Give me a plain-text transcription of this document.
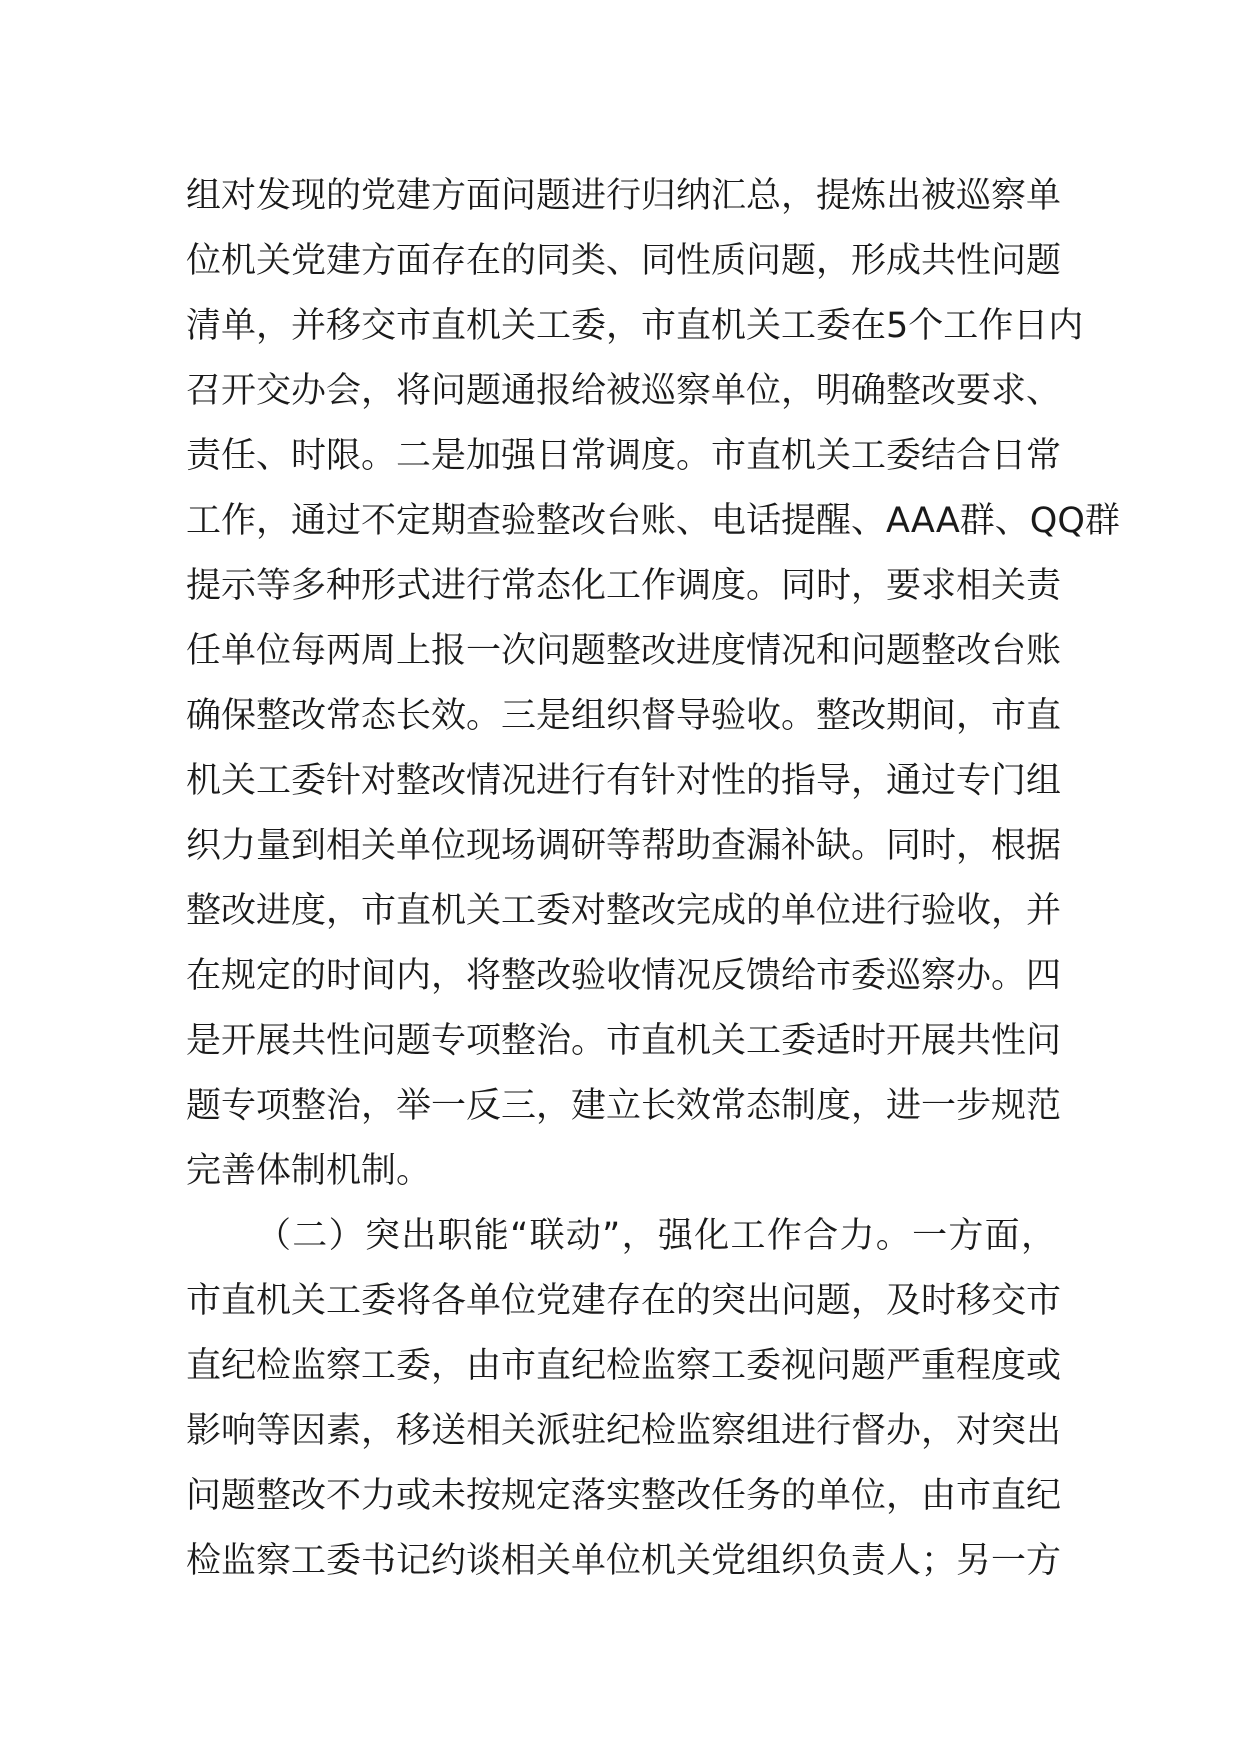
组对发现的党建方面问题进行归纳汇总，提炼出被巡察单
位机关党建方面存在的同类、同性质问题，形成共性问题
清单，并移交市直机关工委，市直机关工委在5个工作日内
召开交办会，将问题通报给被巡察单位，明确整改要求、
责任、时限。二是加强日常调度。市直机关工委结合日常
工作，通过不定期查验整改台账、电话提醒、AAA群、QQ群
提示等多种形式进行常态化工作调度。同时，要求相关责
任单位每两周上报一次问题整改进度情况和问题整改台账
确保整改常态长效。三是组织督导验收。整改期间，市直
机关工委针对整改情况进行有针对性的指导，通过专门组
织力量到相关单位现场调研等帮助查漏补缺。同时，根据
整改进度，市直机关工委对整改完成的单位进行验收，并
在规定的时间内，将整改验收情况反馈给市委巡察办。四
是开展共性问题专项整治。市直机关工委适时开展共性问
题专项整治，举一反三，建立长效常态制度，进一步规范
完善体制机制。
（二）突出职能“联动”，强化工作合力。一方面，
市直机关工委将各单位党建存在的突出问题，及时移交市
直纪检监察工委，由市直纪检监察工委视问题严重程度或
影响等因素，移送相关派驻纪检监察组进行督办，对突出
问题整改不力或未按规定落实整改任务的单位，由市直纪
检监察工委书记约谈相关单位机关党组织负责人；另一方
